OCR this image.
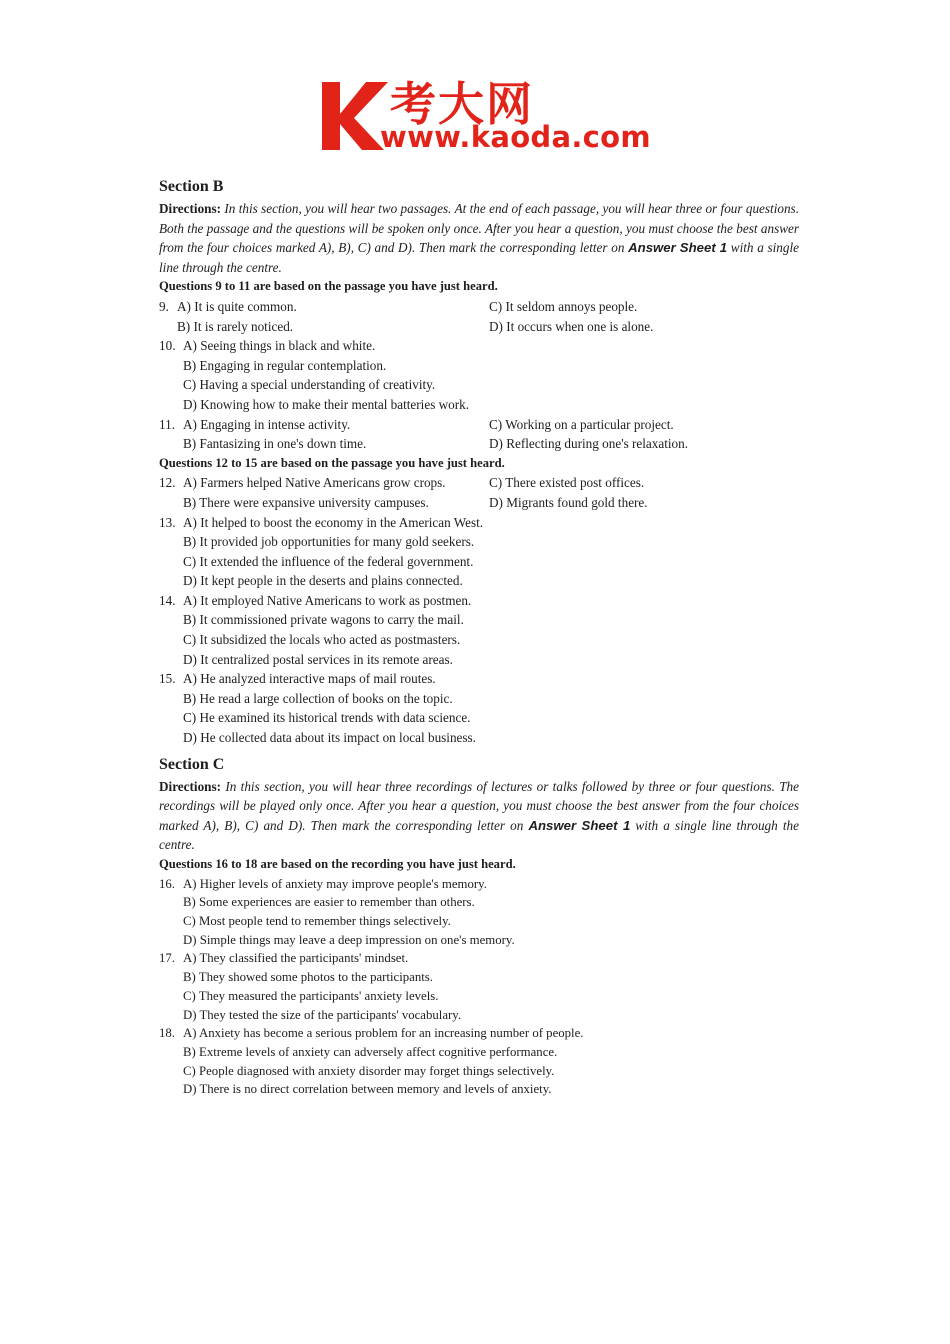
考大网
www.kaoda.com
Section B

Directions: In this section, you will hear two passages. At the end of each passage, you will hear three or four questions. Both the passage and the questions will be spoken only once. After you hear a question, you must choose the best answer from the four choices marked A), B), C) and D). Then mark the corresponding letter on Answer Sheet 1 with a single line through the centre.

Questions 9 to 11 are based on the passage you have just heard.
9. A) It is quite common.	C) It seldom annoys people.
B) It is rarely noticed.	D) It occurs when one is alone.
10. A) Seeing things in black and white.
B) Engaging in regular contemplation.
C) Having a special understanding of creativity.
D) Knowing how to make their mental batteries work.
11. A) Engaging in intense activity.	C) Working on a particular project.
B) Fantasizing in one's down time.	D) Reflecting during one's relaxation.
Questions 12 to 15 are based on the passage you have just heard.
12. A) Farmers helped Native Americans grow crops.	C) There existed post offices.
B) There were expansive university campuses.	D) Migrants found gold there.
13. A) It helped to boost the economy in the American West.
B) It provided job opportunities for many gold seekers.
C) It extended the influence of the federal government.
D) It kept people in the deserts and plains connected.
14. A) It employed Native Americans to work as postmen.
B) It commissioned private wagons to carry the mail.
C) It subsidized the locals who acted as postmasters.
D) It centralized postal services in its remote areas.
15. A) He analyzed interactive maps of mail routes.
B) He read a large collection of books on the topic.
C) He examined its historical trends with data science.
D) He collected data about its impact on local business.
Section C

Directions: In this section, you will hear three recordings of lectures or talks followed by three or four questions. The recordings will be played only once. After you hear a question, you must choose the best answer from the four choices marked A), B), C) and D). Then mark the corresponding letter on Answer Sheet 1 with a single line through the centre.

Questions 16 to 18 are based on the recording you have just heard.
16. A) Higher levels of anxiety may improve people's memory.
B) Some experiences are easier to remember than others.
C) Most people tend to remember things selectively.
D) Simple things may leave a deep impression on one's memory.
17. A) They classified the participants' mindset.
B) They showed some photos to the participants.
C) They measured the participants' anxiety levels.
D) They tested the size of the participants' vocabulary.
18. A) Anxiety has become a serious problem for an increasing number of people.
B) Extreme levels of anxiety can adversely affect cognitive performance.
C) People diagnosed with anxiety disorder may forget things selectively.
D) There is no direct correlation between memory and levels of anxiety.
